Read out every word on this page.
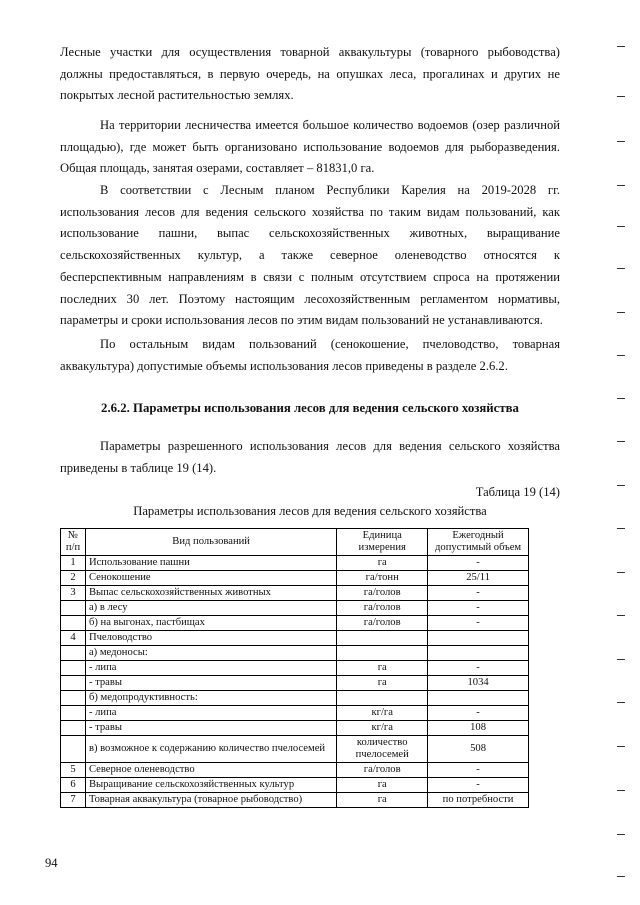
Лесные участки для осуществления товарной аквакультуры (товарного рыбоводства) должны предоставляться, в первую очередь, на опушках леса, прогалинах и других не покрытых лесной растительностью землях.

На территории лесничества имеется большое количество водоемов (озер различной площадью), где может быть организовано использование водоемов для рыборазведения. Общая площадь, занятая озерами, составляет – 81831,0 га.

В соответствии с Лесным планом Республики Карелия на 2019-2028 гг. использования лесов для ведения сельского хозяйства по таким видам пользований, как использование пашни, выпас сельскохозяйственных животных, выращивание сельскохозяйственных культур, а также северное оленеводство относятся к бесперспективным направлениям в связи с полным отсутствием спроса на протяжении последних 30 лет. Поэтому настоящим лесохозяйственным регламентом нормативы, параметры и сроки использования лесов по этим видам пользований не устанавливаются.

По остальным видам пользований (сенокошение, пчеловодство, товарная аквакультура) допустимые объемы использования лесов приведены в разделе 2.6.2.

2.6.2. Параметры использования лесов для ведения сельского хозяйства

Параметры разрешенного использования лесов для ведения сельского хозяйства приведены в таблице 19 (14).

Таблица 19 (14)
Параметры использования лесов для ведения сельского хозяйства
№ п/п	Вид пользований	Единица измерения	Ежегодный допустимый объем
1	Использование пашни	га	-
2	Сенокошение	га/тонн	25/11
3	Выпас сельскохозяйственных животных	га/голов	-
	а) в лесу	га/голов	-
	б) на выгонах, пастбищах	га/голов	-
4	Пчеловодство		
	а) медоносы:		
	- липа	га	-
	- травы	га	1034
	б) медопродуктивность:		
	- липа	кг/га	-
	- травы	кг/га	108
	в) возможное к содержанию количество пчелосемей	количество пчелосемей	508
5	Северное оленеводство	га/голов	-
6	Выращивание сельскохозяйственных культур	га	-
7	Товарная аквакультура (товарное рыбоводство)	га	по потребности
94
